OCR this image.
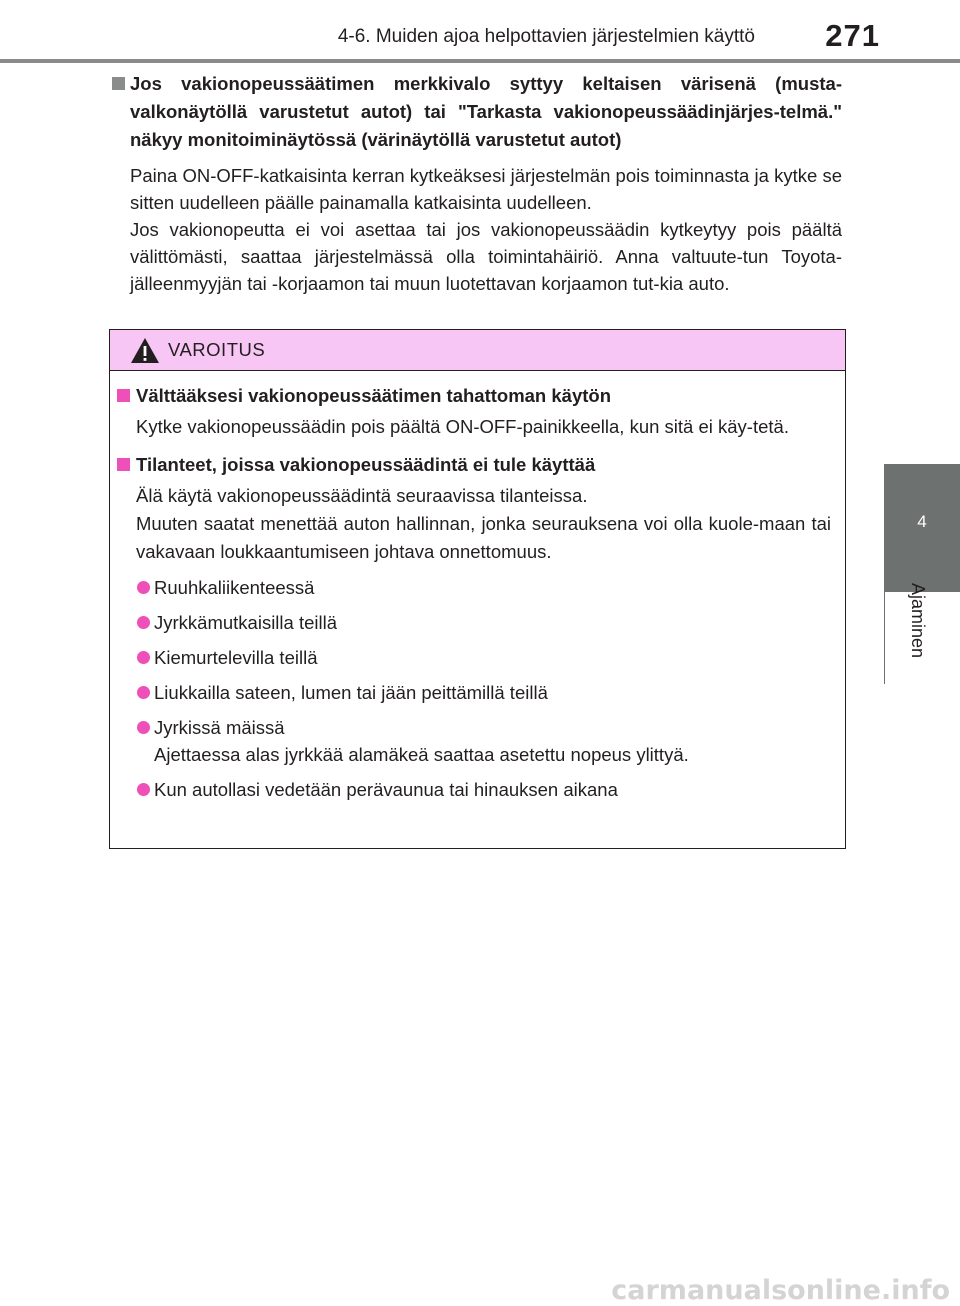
4-6. Muiden ajoa helpottavien järjestelmien käyttö	271
4
Ajaminen
Jos vakionopeussäätimen merkkivalo syttyy keltaisen värisenä (musta-valkonäytöllä varustetut autot) tai "Tarkasta vakionopeussäädinjärjes-telmä." näkyy monitoiminäytössä (värinäytöllä varustetut autot)

Paina ON-OFF-katkaisinta kerran kytkeäksesi järjestelmän pois toiminnasta ja kytke se sitten uudelleen päälle painamalla katkaisinta uudelleen.

Jos vakionopeutta ei voi asettaa tai jos vakionopeussäädin kytkeytyy pois päältä välittömästi, saattaa järjestelmässä olla toimintahäiriö. Anna valtuute-tun Toyota-jälleenmyyjän tai -korjaamon tai muun luotettavan korjaamon tut-kia auto.

VAROITUS
Välttääksesi vakionopeussäätimen tahattoman käytön

Kytke vakionopeussäädin pois päältä ON-OFF-painikkeella, kun sitä ei käy-tetä.

Tilanteet, joissa vakionopeussäädintä ei tule käyttää

Älä käytä vakionopeussäädintä seuraavissa tilanteissa.

Muuten saatat menettää auton hallinnan, jonka seurauksena voi olla kuole-maan tai vakavaan loukkaantumiseen johtava onnettomuus.

Ruuhkaliikenteessä
Jyrkkämutkaisilla teillä
Kiemurtelevilla teillä
Liukkailla sateen, lumen tai jään peittämillä teillä
Jyrkissä mäissä
Ajettaessa alas jyrkkää alamäkeä saattaa asetettu nopeus ylittyä.
Kun autollasi vedetään perävaunua tai hinauksen aikana
carmanualsonline.info
